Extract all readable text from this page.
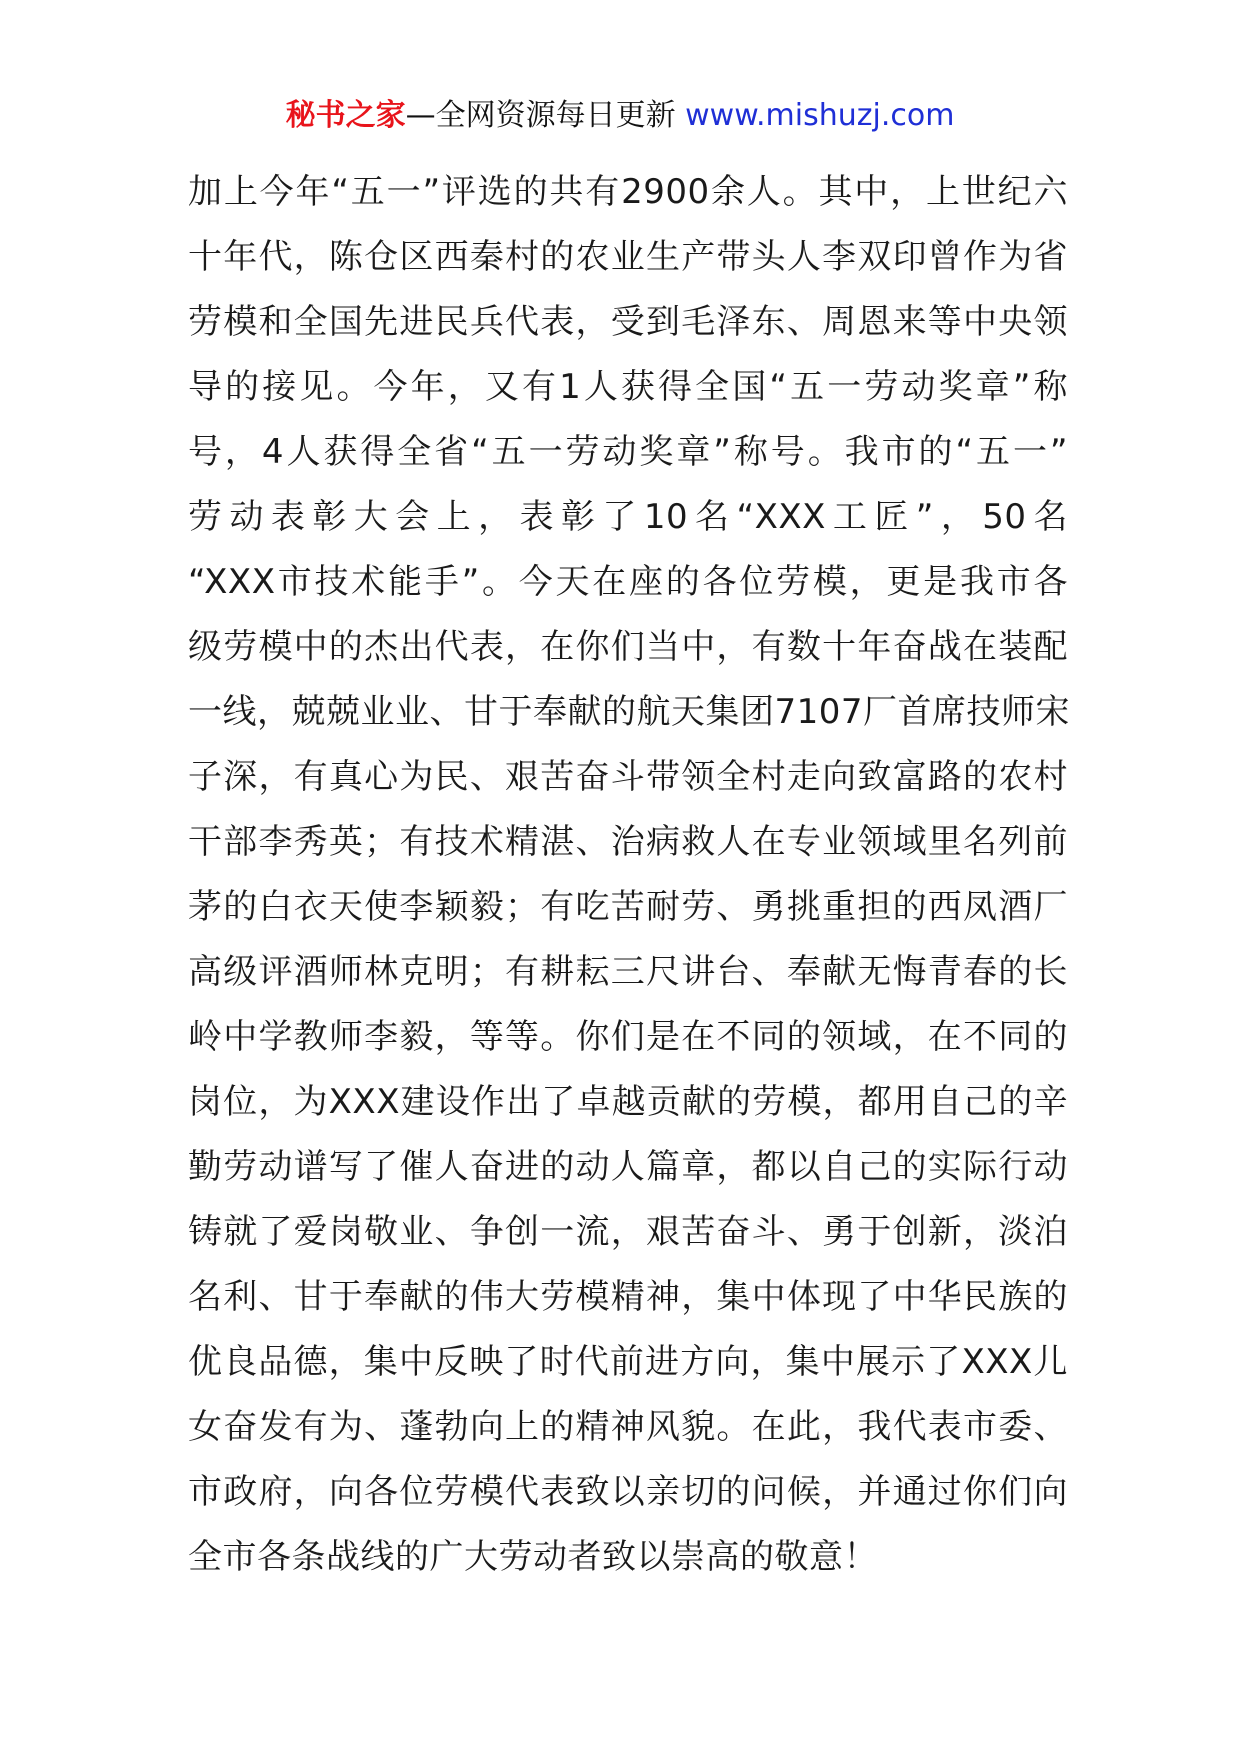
秘书之家—全网资源每日更新 www.mishuzj.com
加上今年“五一”评选的共有2900余人。其中，上世纪六
十年代，陈仓区西秦村的农业生产带头人李双印曾作为省
劳模和全国先进民兵代表，受到毛泽东、周恩来等中央领
导的接见。今年，又有1人获得全国“五一劳动奖章”称
号，4人获得全省“五一劳动奖章”称号。我市的“五一”
劳动表彰大会上，表彰了10名“XXX工匠”，50名
“XXX市技术能手”。今天在座的各位劳模，更是我市各
级劳模中的杰出代表，在你们当中，有数十年奋战在装配
一线，兢兢业业、甘于奉献的航天集团7107厂首席技师宋
子深，有真心为民、艰苦奋斗带领全村走向致富路的农村
干部李秀英；有技术精湛、治病救人在专业领域里名列前
茅的白衣天使李颖毅；有吃苦耐劳、勇挑重担的西凤酒厂
高级评酒师林克明；有耕耘三尺讲台、奉献无悔青春的长
岭中学教师李毅，等等。你们是在不同的领域，在不同的
岗位，为XXX建设作出了卓越贡献的劳模，都用自己的辛
勤劳动谱写了催人奋进的动人篇章，都以自己的实际行动
铸就了爱岗敬业、争创一流，艰苦奋斗、勇于创新，淡泊
名利、甘于奉献的伟大劳模精神，集中体现了中华民族的
优良品德，集中反映了时代前进方向，集中展示了XXX儿
女奋发有为、蓬勃向上的精神风貌。在此，我代表市委、
市政府，向各位劳模代表致以亲切的问候，并通过你们向
全市各条战线的广大劳动者致以崇高的敬意！
